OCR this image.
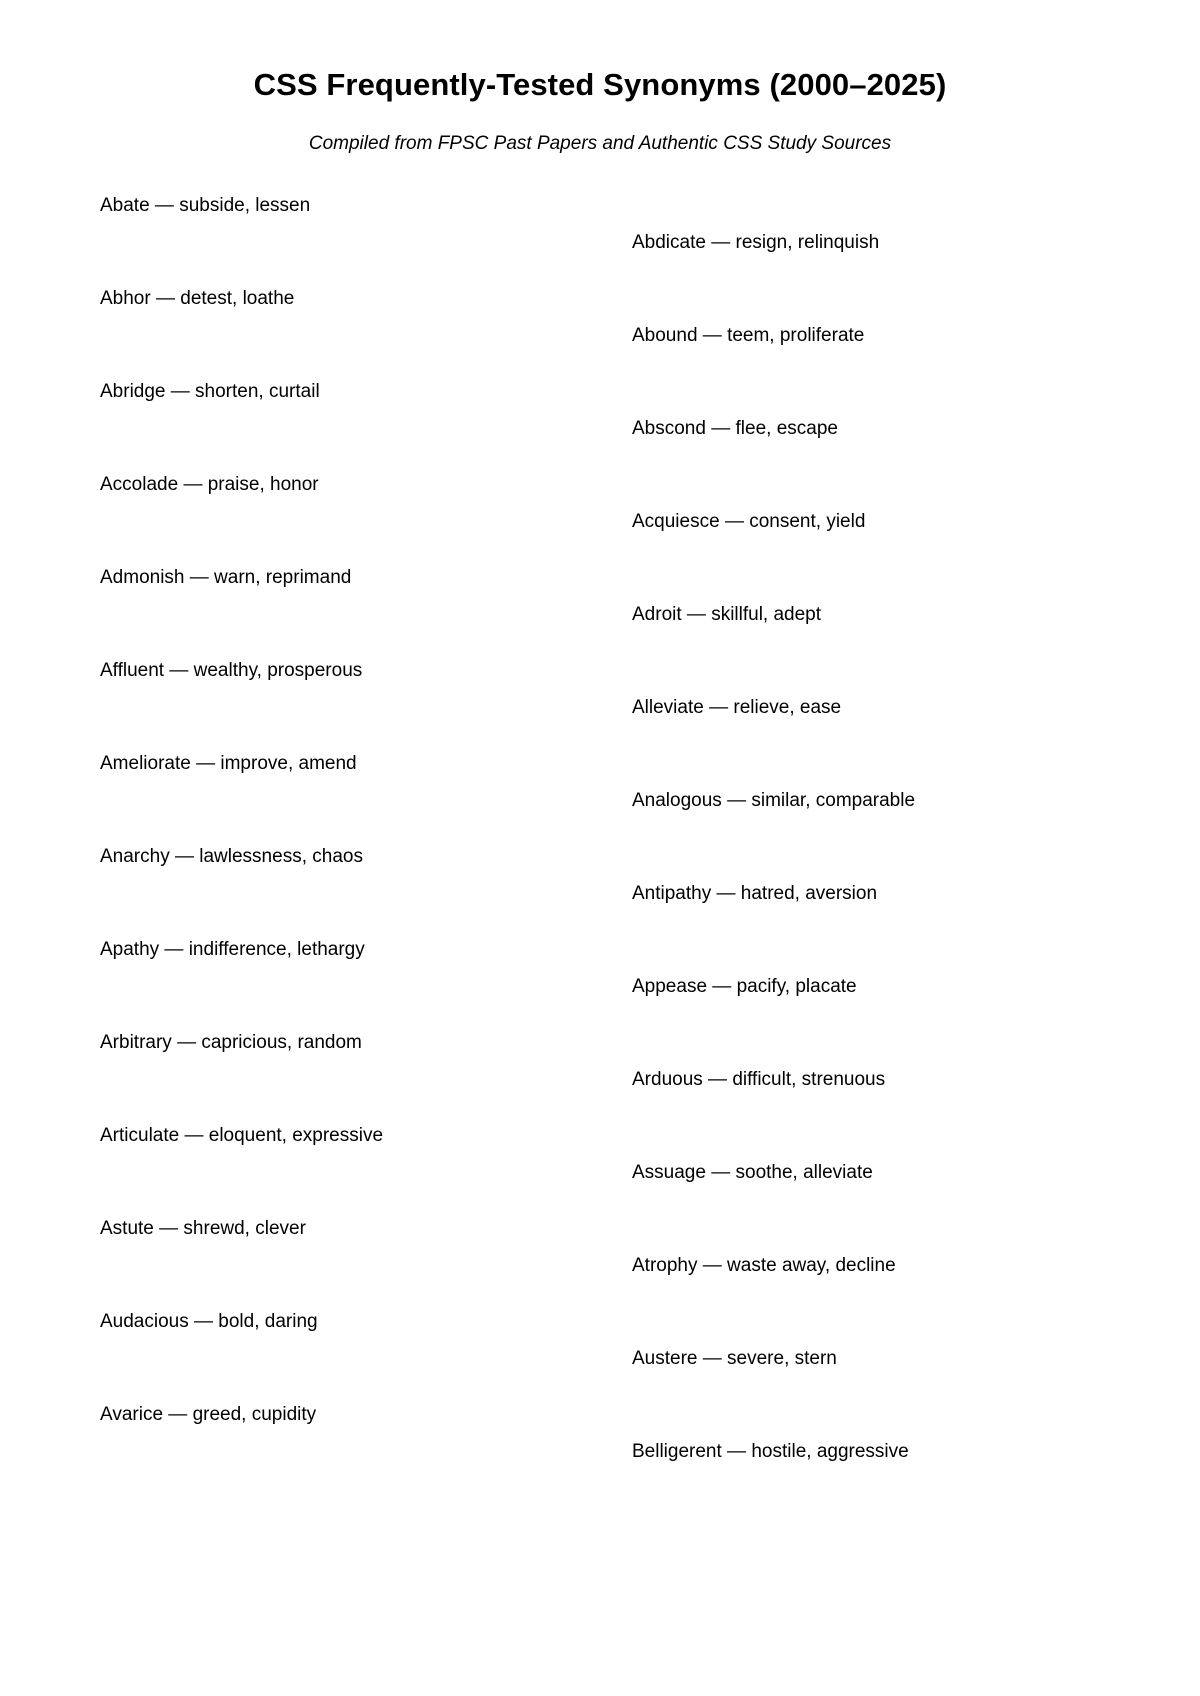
CSS Frequently-Tested Synonyms (2000–2025)
Compiled from FPSC Past Papers and Authentic CSS Study Sources
Abate — subside, lessen
Abdicate — resign, relinquish
Abhor — detest, loathe
Abound — teem, proliferate
Abridge — shorten, curtail
Abscond — flee, escape
Accolade — praise, honor
Acquiesce — consent, yield
Admonish — warn, reprimand
Adroit — skillful, adept
Affluent — wealthy, prosperous
Alleviate — relieve, ease
Ameliorate — improve, amend
Analogous — similar, comparable
Anarchy — lawlessness, chaos
Antipathy — hatred, aversion
Apathy — indifference, lethargy
Appease — pacify, placate
Arbitrary — capricious, random
Arduous — difficult, strenuous
Articulate — eloquent, expressive
Assuage — soothe, alleviate
Astute — shrewd, clever
Atrophy — waste away, decline
Audacious — bold, daring
Austere — severe, stern
Avarice — greed, cupidity
Belligerent — hostile, aggressive
